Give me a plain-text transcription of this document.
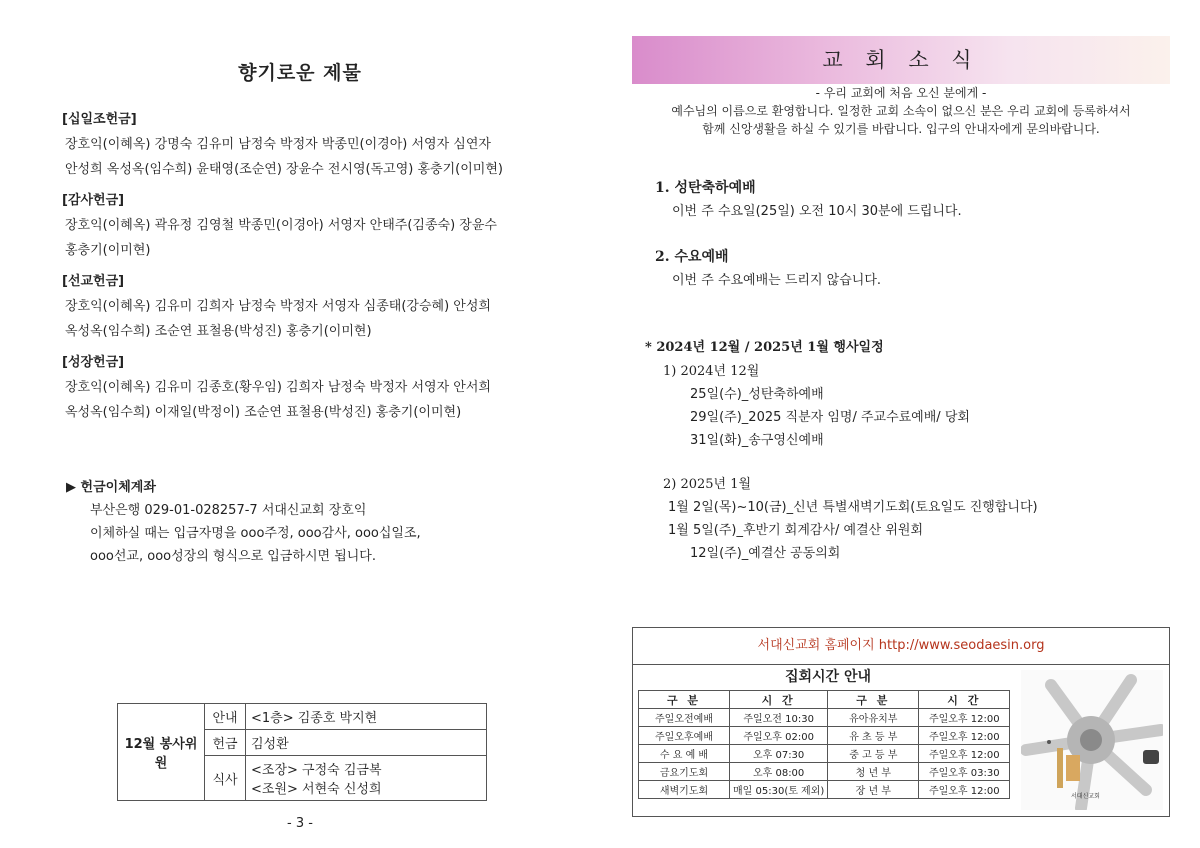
향기로운 제물
[십일조헌금]
장호익(이혜옥) 강명숙 김유미 남정숙 박정자 박종민(이경아) 서영자 심연자
안성희 옥성옥(임수희) 윤태영(조순연) 장윤수 전시영(독고영) 홍충기(이미현)
[감사헌금]
장호익(이혜옥) 곽유정 김영철 박종민(이경아) 서영자 안태주(김종숙) 장윤수
홍충기(이미현)
[선교헌금]
장호익(이혜옥) 김유미 김희자 남정숙 박정자 서영자 심종태(강승혜) 안성희
옥성옥(임수희) 조순연 표철용(박성진) 홍충기(이미현)
[성장헌금]
장호익(이혜옥) 김유미 김종호(황우임) 김희자 남정숙 박정자 서영자 안서희
옥성옥(임수희) 이재일(박정이) 조순연 표철용(박성진) 홍충기(이미현)
▶ 헌금이체계좌
부산은행 029-01-028257-7 서대신교회 장호익
이체하실 때는 입금자명을 ooo주정, ooo감사, ooo십일조,
ooo선교, ooo성장의 형식으로 입금하시면 됩니다.
12월 봉사위원	안내	<1층> 김종호 박지현
	헌금	김성환
	식사	<조장> 구정숙 김금복
<조원> 서현숙 신성희
- 3 -
교 회 소 식
- 우리 교회에 처음 오신 분에게 -
예수님의 이름으로 환영합니다. 일정한 교회 소속이 없으신 분은 우리 교회에 등록하셔서
함께 신앙생활을 하실 수 있기를 바랍니다. 입구의 안내자에게 문의바랍니다.
1. 성탄축하예배
이번 주 수요일(25일) 오전 10시 30분에 드립니다.
2. 수요예배
이번 주 수요예배는 드리지 않습니다.
* 2024년 12월 / 2025년 1월 행사일정
1) 2024년 12월
25일(수)_성탄축하예배
29일(주)_2025 직분자 임명/ 주교수료예배/ 당회
31일(화)_송구영신예배
2) 2025년 1월
1월 2일(목)~10(금)_신년 특별새벽기도회(토요일도 진행합니다)
1월 5일(주)_후반기 회계감사/ 예결산 위원회
12일(주)_예결산 공동의회
서대신교회 홈페이지 http://www.seodaesin.org
집회시간 안내
구 분	시 간	구 분	시 간
주일오전예배	주일오전 10:30	유아유치부	주일오후 12:00
주일오후예배	주일오후 02:00	유 초 등 부	주일오후 12:00
수 요 예 배	오후 07:30	중 고 등 부	주일오후 12:00
금요기도회	오후 08:00	청 년 부	주일오후 03:30
새벽기도회	매일 05:30(토 제외)	장 년 부	주일오후 12:00	서대신교회
